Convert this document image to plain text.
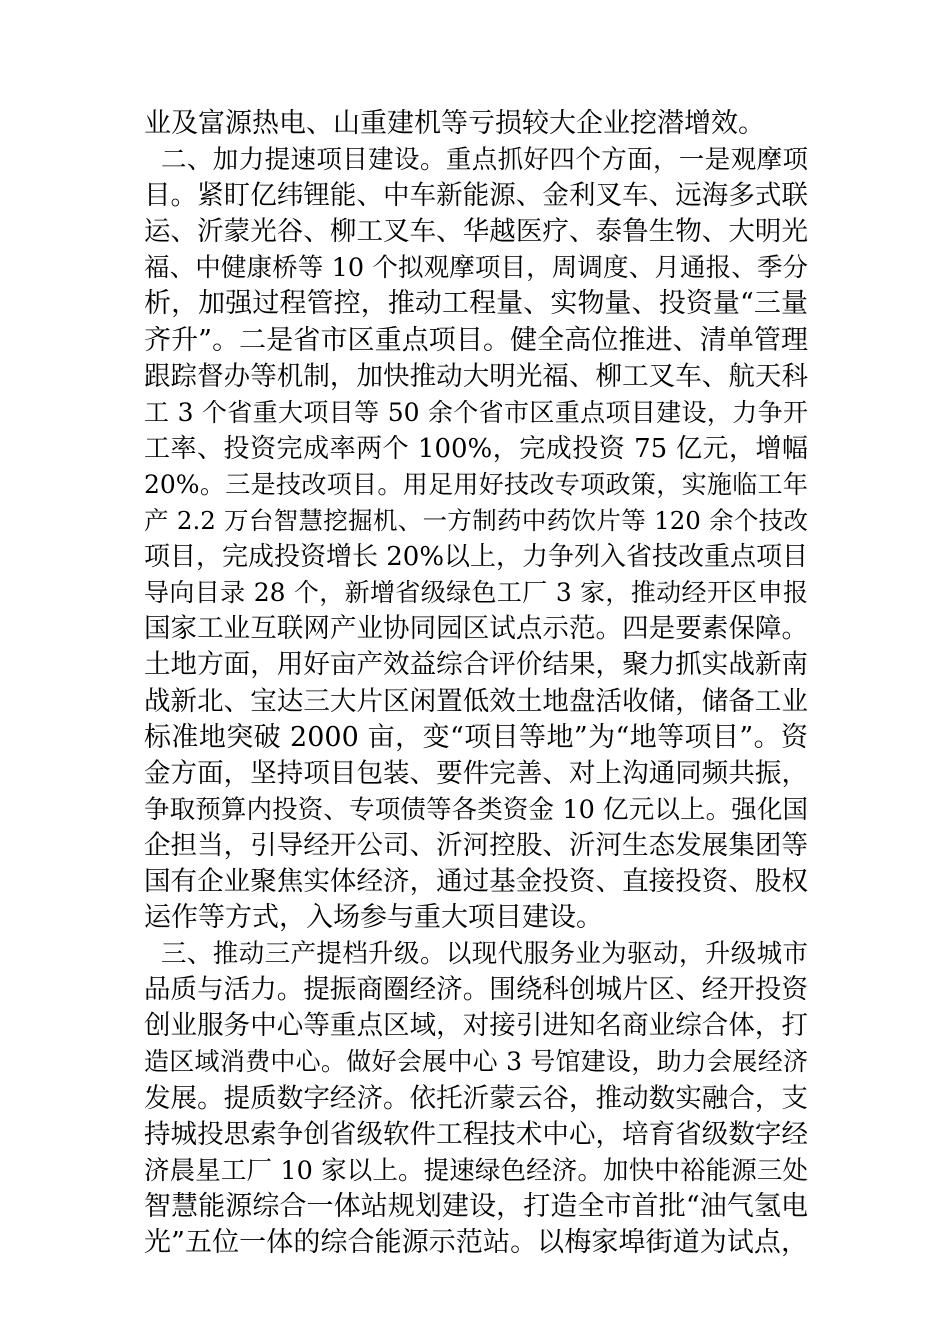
业及富源热电、山重建机等亏损较大企业挖潜增效。
二、加力提速项目建设。重点抓好四个方面，一是观摩项
目。紧盯亿纬锂能、中车新能源、金利叉车、远海多式联
运、沂蒙光谷、柳工叉车、华越医疗、泰鲁生物、大明光
福、中健康桥等 10 个拟观摩项目，周调度、月通报、季分
析，加强过程管控，推动工程量、实物量、投资量“三量
齐升”。二是省市区重点项目。健全高位推进、清单管理
跟踪督办等机制，加快推动大明光福、柳工叉车、航天科
工 3 个省重大项目等 50 余个省市区重点项目建设，力争开
工率、投资完成率两个 100%，完成投资 75 亿元，增幅
20%。三是技改项目。用足用好技改专项政策，实施临工年
产 2.2 万台智慧挖掘机、一方制药中药饮片等 120 余个技改
项目，完成投资增长 20%以上，力争列入省技改重点项目
导向目录 28 个，新增省级绿色工厂 3 家，推动经开区申报
国家工业互联网产业协同园区试点示范。四是要素保障。
土地方面，用好亩产效益综合评价结果，聚力抓实战新南
战新北、宝达三大片区闲置低效土地盘活收储，储备工业
标准地突破 2000 亩，变“项目等地”为“地等项目”。资
金方面，坚持项目包装、要件完善、对上沟通同频共振，
争取预算内投资、专项债等各类资金 10 亿元以上。强化国
企担当，引导经开公司、沂河控股、沂河生态发展集团等
国有企业聚焦实体经济，通过基金投资、直接投资、股权
运作等方式，入场参与重大项目建设。
三、推动三产提档升级。以现代服务业为驱动，升级城市
品质与活力。提振商圈经济。围绕科创城片区、经开投资
创业服务中心等重点区域，对接引进知名商业综合体，打
造区域消费中心。做好会展中心 3 号馆建设，助力会展经济
发展。提质数字经济。依托沂蒙云谷，推动数实融合，支
持城投思索争创省级软件工程技术中心，培育省级数字经
济晨星工厂 10 家以上。提速绿色经济。加快中裕能源三处
智慧能源综合一体站规划建设，打造全市首批“油气氢电
光”五位一体的综合能源示范站。以梅家埠街道为试点，
